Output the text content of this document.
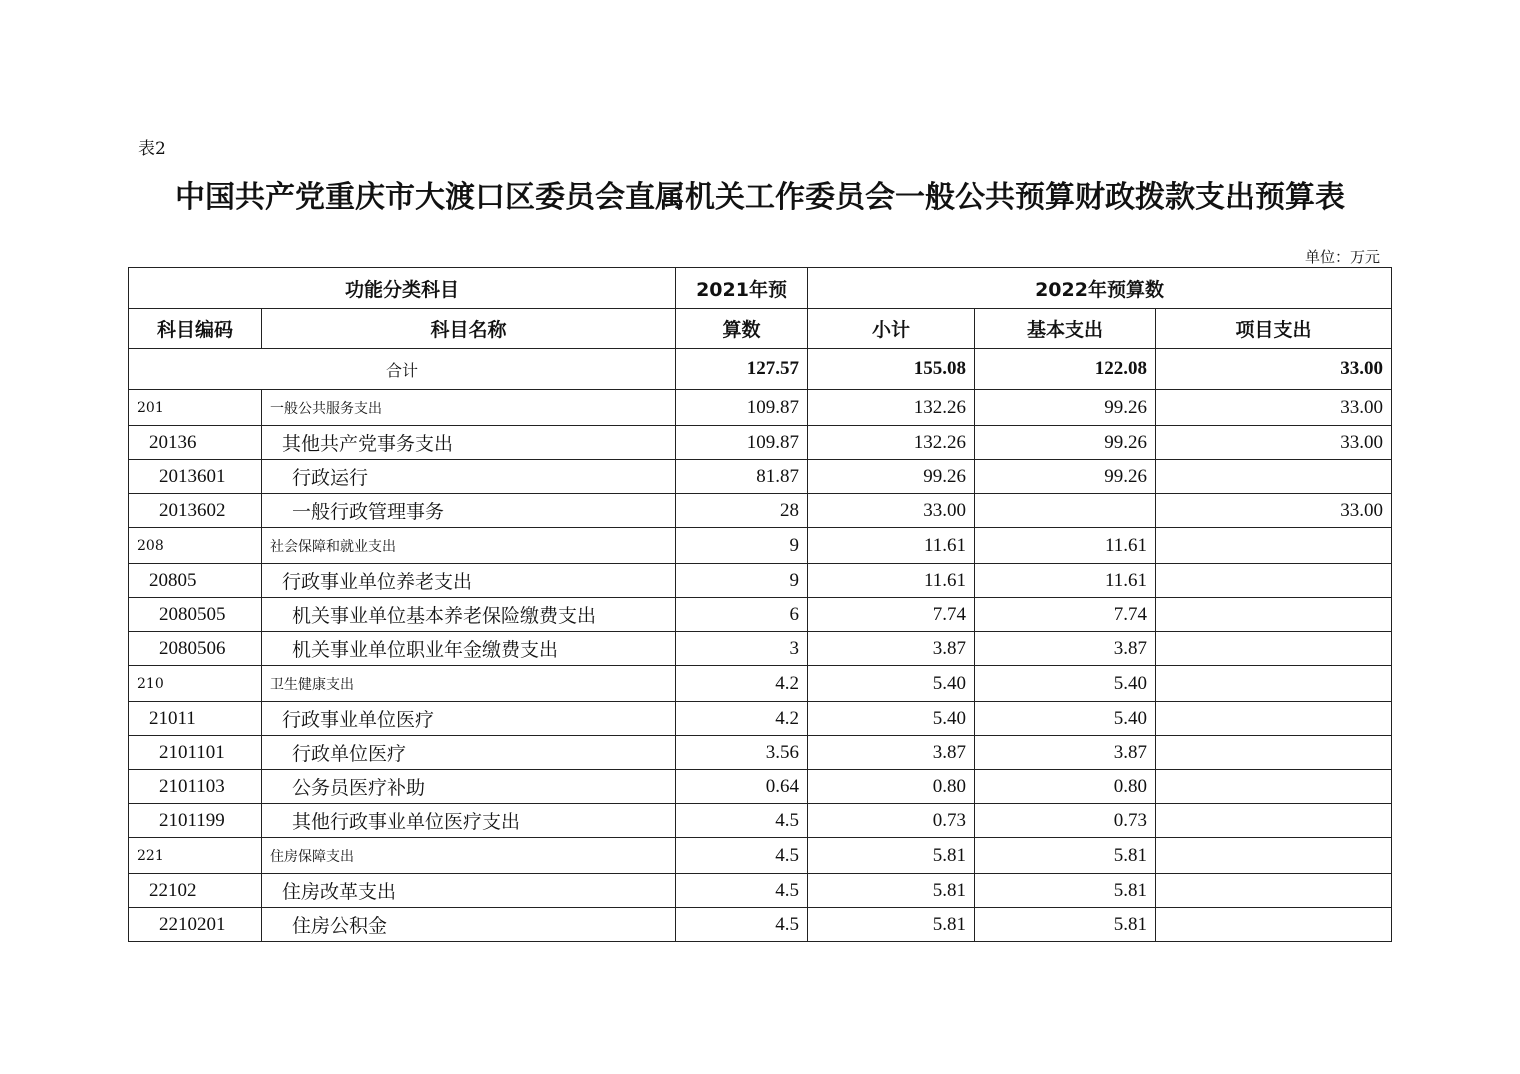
表2
中国共产党重庆市大渡口区委员会直属机关工作委员会一般公共预算财政拨款支出预算表
单位：万元
功能分类科目		2021年预	2022年预算数		
科目编码	科目名称	算数	小计	基本支出	项目支出
合计		127.57	155.08	122.08	33.00
201	一般公共服务支出	109.87	132.26	99.26	33.00
20136	其他共产党事务支出	109.87	132.26	99.26	33.00
2013601	行政运行	81.87	99.26	99.26	
2013602	一般行政管理事务	28	33.00		33.00
208	社会保障和就业支出	9	11.61	11.61	
20805	行政事业单位养老支出	9	11.61	11.61	
2080505	机关事业单位基本养老保险缴费支出	6	7.74	7.74	
2080506	机关事业单位职业年金缴费支出	3	3.87	3.87	
210	卫生健康支出	4.2	5.40	5.40	
21011	行政事业单位医疗	4.2	5.40	5.40	
2101101	行政单位医疗	3.56	3.87	3.87	
2101103	公务员医疗补助	0.64	0.80	0.80	
2101199	其他行政事业单位医疗支出	4.5	0.73	0.73	
221	住房保障支出	4.5	5.81	5.81	
22102	住房改革支出	4.5	5.81	5.81	
2210201	住房公积金	4.5	5.81	5.81	
